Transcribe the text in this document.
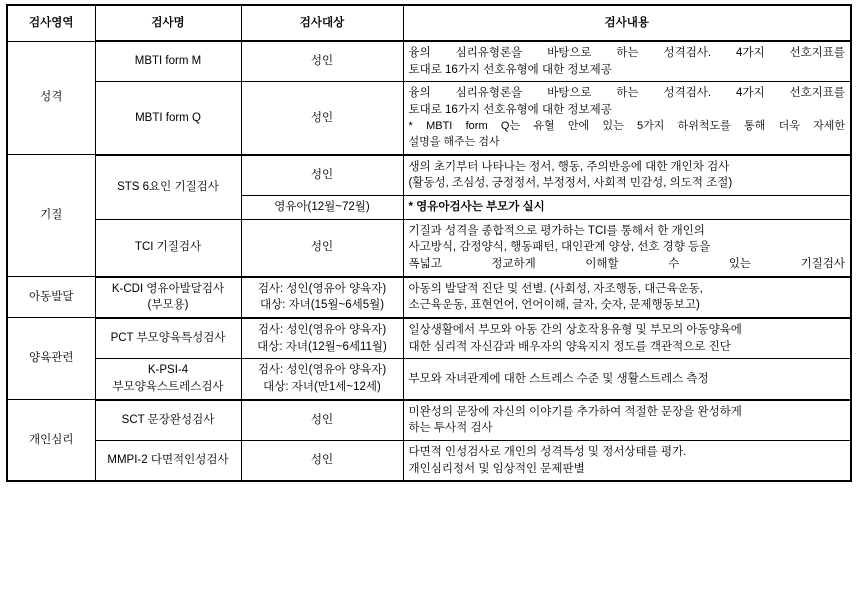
검사영역	검사명	검사대상	검사내용
성격	MBTI form M	성인	융의 심리유형론을 바탕으로 하는 성격검사. 4가지 선호지표를
토대로 16가지 선호유형에 대한 정보제공

	MBTI form Q	성인	융의 심리유형론을 바탕으로 하는 성격검사. 4가지 선호지표를
토대로 16가지 선호유형에 대한 정보제공
* MBTI form Q는 유혈 안에 있는 5가지 하위척도를 통해 더욱 자세한
설명을 해주는 검사

기질	STS 6요인 기질검사	성인	생의 초기부터 나타나는 정서, 행동, 주의반응에 대한 개인차 검사
(활동성, 조심성, 긍정정서, 부정정서, 사회적 민감성, 의도적 조절)

		영유아(12월~72월)	* 영유아검사는 부모가 실시

	TCI 기질검사	성인	기질과 성격을 종합적으로 평가하는 TCI를 통해서 한 개인의
사고방식, 감정양식, 행동패턴, 대인관계 양상, 선호 경향 등을
폭넓고 정교하게 이해할 수 있는 기질검사

아동발달	K-CDI 영유아발달검사 (부모용)	검사: 성인(영유아 양육자) 대상: 자녀(15월~6세5월)	아동의 발달적 진단 및 선별. (사회성, 자조행동, 대근육운동,
소근육운동, 표현언어, 언어이해, 글자, 숫자, 문제행동보고)

양육관련	PCT 부모양육특성검사	검사: 성인(영유아 양육자) 대상: 자녀(12월~6세11월)	일상생활에서 부모와 아동 간의 상호작용유형 및 부모의 아동양육에
대한 심리적 자신감과 배우자의 양육지지 정도를 객관적으로 진단

	K-PSI-4 부모양육스트레스검사	검사: 성인(영유아 양육자) 대상: 자녀(만1세~12세)	부모와 자녀관계에 대한 스트레스 수준 및 생활스트레스 측정

개인심리	SCT 문장완성검사	성인	미완성의 문장에 자신의 이야기를 추가하여 적절한 문장을 완성하게
하는 투사적 검사

	MMPI-2 다면적인성검사	성인	다면적 인성검사로 개인의 성격특성 및 정서상태를 평가.
개인심리정서 및 임상적인 문제판별
